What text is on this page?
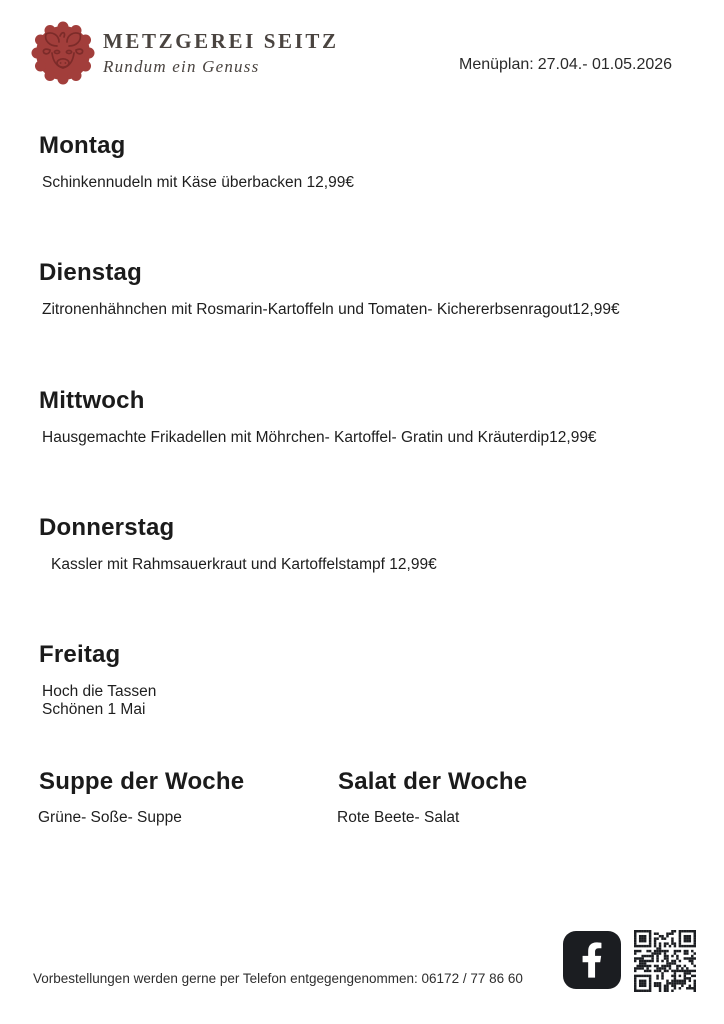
METZGEREI SEITZ
Rundum ein Genuss	Menüplan: 27.04.- 01.05.2026
Montag

Schinkennudeln mit Käse überbacken 12,99€

Dienstag

Zitronenhähnchen mit Rosmarin-Kartoffeln und Tomaten- Kichererbsenragout12,99€

Mittwoch

Hausgemachte Frikadellen mit Möhrchen- Kartoffel- Gratin und Kräuterdip12,99€

Donnerstag

Kassler mit Rahmsauerkraut und Kartoffelstampf 12,99€

Freitag

Hoch die Tassen

Schönen 1 Mai

Suppe der Woche

Grüne- Soße- Suppe

Salat der Woche

Rote Beete- Salat

Vorbestellungen werden gerne per Telefon entgegengenommen: 06172 / 77 86 60
